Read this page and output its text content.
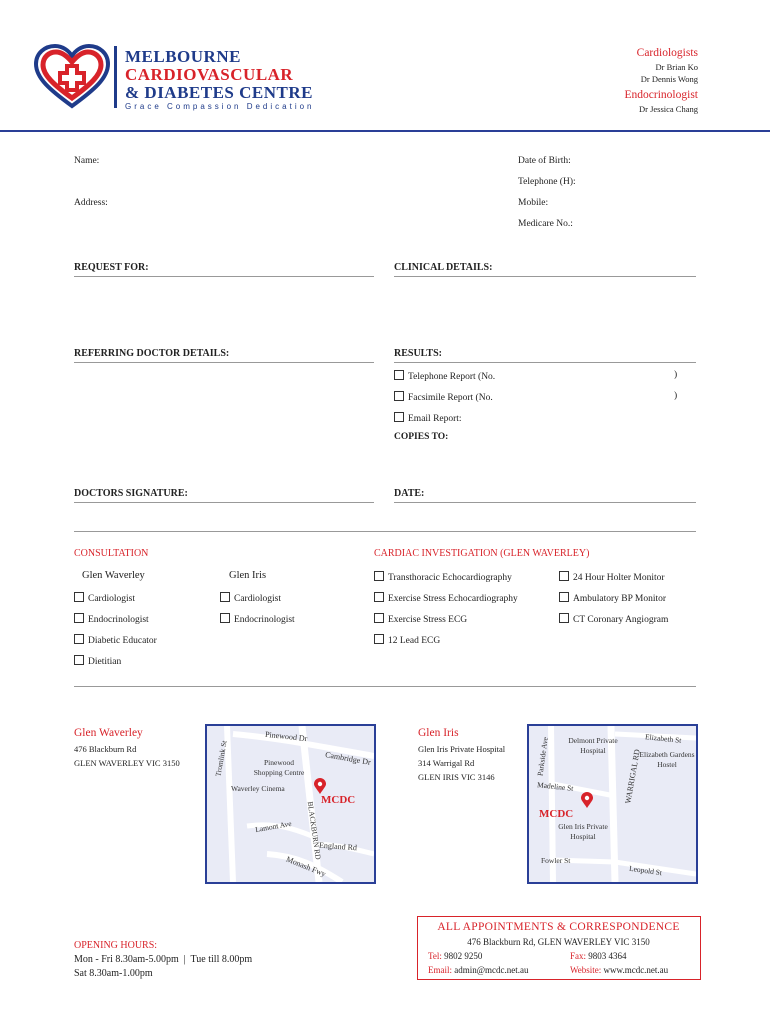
MELBOURNE
CARDIOVASCULAR
& DIABETES CENTRE
Grace Compassion Dedication
Cardiologists
Dr Brian Ko
Dr Dennis Wong
Endocrinologist
Dr Jessica Chang
Name:
Address:
Date of Birth:
Telephone (H):
Mobile:
Medicare No.:
REQUEST FOR:	CLINICAL DETAILS:
REFERRING DOCTOR DETAILS:	RESULTS:
Telephone Report (No.	)
Facsimile Report (No.	)
Email Report:
COPIES TO:
DOCTORS SIGNATURE:	DATE:
CONSULTATION
Glen Waverley	Glen Iris
Cardiologist
Endocrinologist
Diabetic Educator
Dietitian
Cardiologist
Endocrinologist
CARDIAC INVESTIGATION (GLEN WAVERLEY)
Transthoracic Echocardiography
Exercise Stress Echocardiography
Exercise Stress ECG
12 Lead ECG
24 Hour Holter Monitor
Ambulatory BP Monitor
CT Coronary Angiogram
Glen Waverley
476 Blackburn Rd
GLEN WAVERLEY VIC 3150
Pinewood Dr
Cambridge Dr
Tromlink St	Pinewood Shopping Centre
Waverley Cinema
BLACKBURN RD
Lamont Ave
England Rd
Monash Fwy
MCDC
Glen Iris
Glen Iris Private Hospital
314 Warrigal Rd
GLEN IRIS VIC 3146
Delmont Private Hospital
Elizabeth St
Elizabeth Gardens Hostel
Parkside Ave
Madeline St	WARRIGAL RD
MCDC
Glen Iris Private Hospital
Fowler St
Leopold St
OPENING HOURS:
Mon - Fri 8.30am-5.00pm  |  Tue till 8.00pm
Sat 8.30am-1.00pm
ALL APPOINTMENTS & CORRESPONDENCE
476 Blackburn Rd, GLEN WAVERLEY VIC 3150
Tel: 9802 9250	Fax: 9803 4364
Email: admin@mcdc.net.au	Website: www.mcdc.net.au
